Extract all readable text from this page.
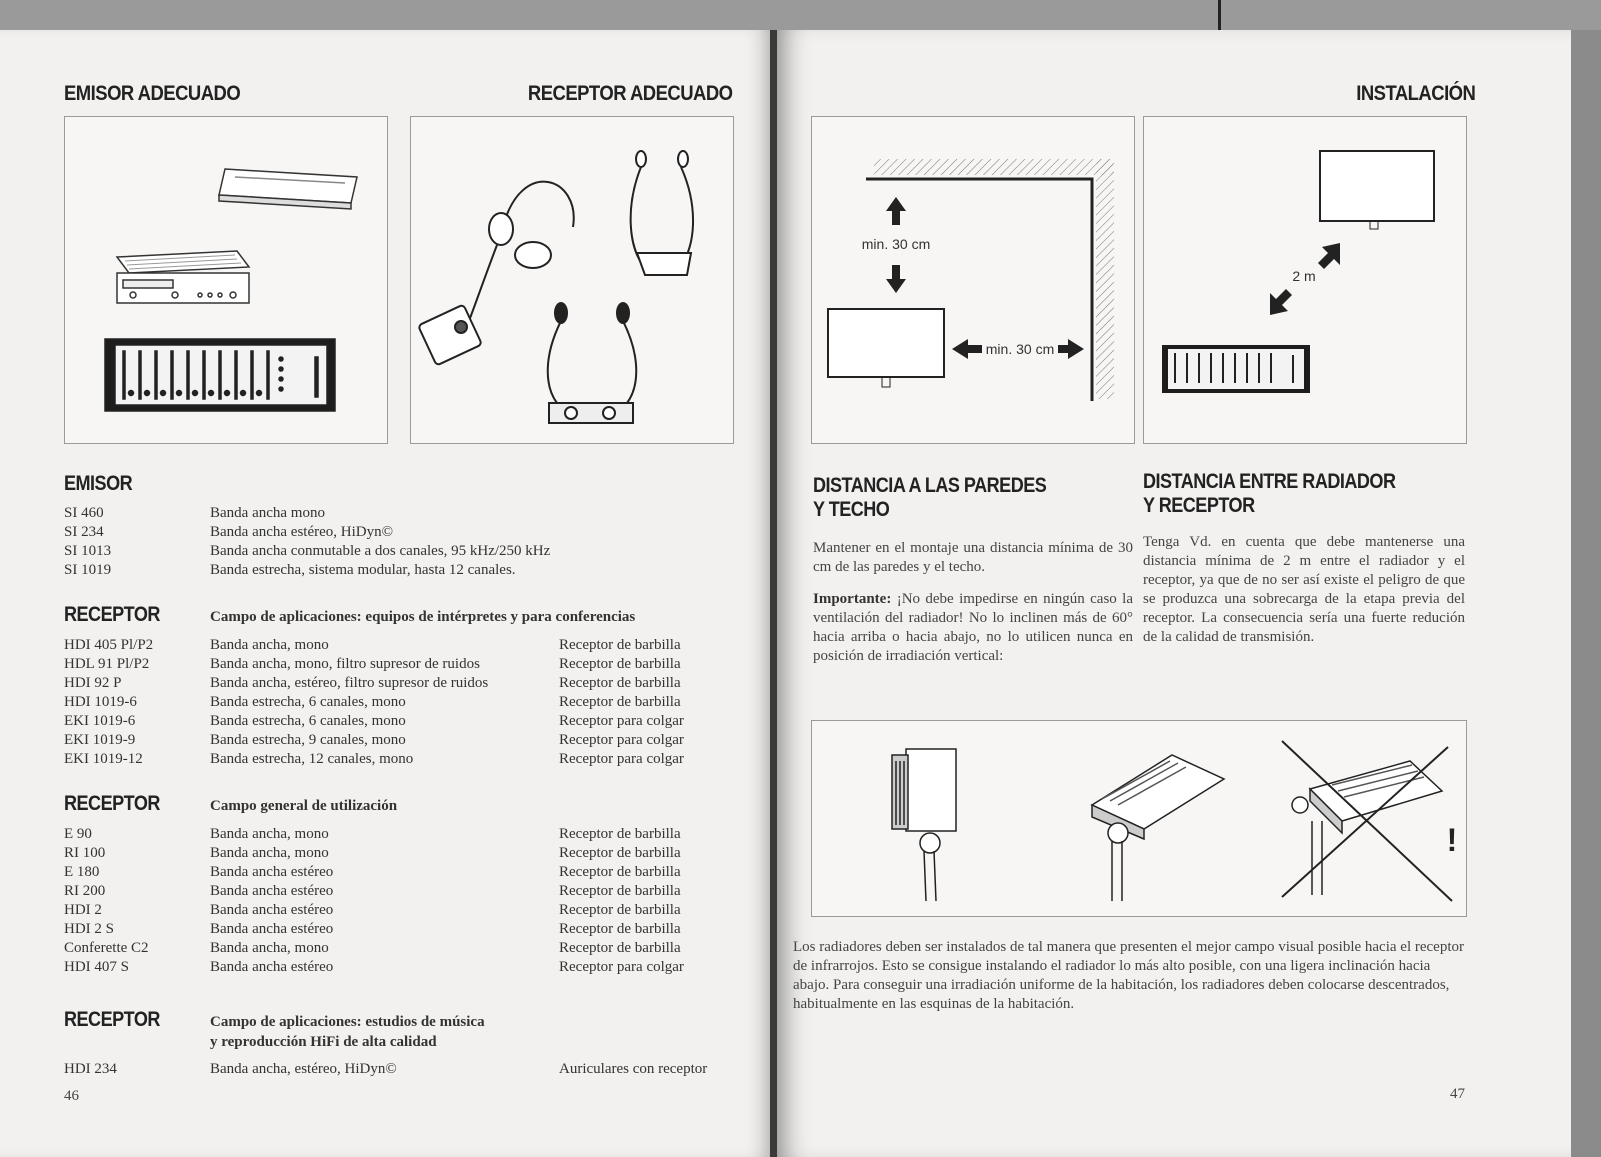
EMISOR ADECUADO	RECEPTOR ADECUADO
EMISOR
SI 460	Banda ancha mono
SI 234	Banda ancha estéreo, HiDyn©
SI 1013	Banda ancha conmutable a dos canales, 95 kHz/250 kHz
SI 1019	Banda estrecha, sistema modular, hasta 12 canales.
RECEPTOR	Campo de aplicaciones: equipos de intérpretes y para conferencias
HDI 405 Pl/P2	Banda ancha, mono	Receptor de barbilla
HDL 91 Pl/P2	Banda ancha, mono, filtro supresor de ruidos	Receptor de barbilla
HDI 92 P	Banda ancha, estéreo, filtro supresor de ruidos	Receptor de barbilla
HDI 1019-6	Banda estrecha, 6 canales, mono	Receptor de barbilla
EKI 1019-6	Banda estrecha, 6 canales, mono	Receptor para colgar
EKI 1019-9	Banda estrecha, 9 canales, mono	Receptor para colgar
EKI 1019-12	Banda estrecha, 12 canales, mono	Receptor para colgar
RECEPTOR	Campo general de utilización
E 90	Banda ancha, mono	Receptor de barbilla
RI 100	Banda ancha, mono	Receptor de barbilla
E 180	Banda ancha estéreo	Receptor de barbilla
RI 200	Banda ancha estéreo	Receptor de barbilla
HDI 2	Banda ancha estéreo	Receptor de barbilla
HDI 2 S	Banda ancha estéreo	Receptor de barbilla
Conferette C2	Banda ancha, mono	Receptor de barbilla
HDI 407 S	Banda ancha estéreo	Receptor para colgar
RECEPTOR	Campo de aplicaciones: estudios de música
y reproducción HiFi de alta calidad
HDI 234	Banda ancha, estéreo, HiDyn©	Auriculares con receptor
46
INSTALACIÓN
min. 30 cm
min. 30 cm
2 m
DISTANCIA A LAS PAREDES
Y TECHO
Mantener en el montaje una distancia mínima de 30 cm de las paredes y el techo.
Importante: ¡No debe impedirse en ningún caso la ventilación del radiador! No lo inclinen más de 60° hacia arriba o hacia abajo, no lo utilicen nunca en posición de irradiación vertical:
DISTANCIA ENTRE RADIADOR
Y RECEPTOR
Tenga Vd. en cuenta que debe mantenerse una distancia mínima de 2 m entre el radiador y el receptor, ya que de no ser así existe el peligro de que se produzca una sobrecarga de la etapa previa del receptor. La consecuencia sería una fuerte redución de la calidad de transmisión.
!
Los radiadores deben ser instalados de tal manera que presenten el mejor campo visual posible hacia el receptor de infrarrojos. Esto se consigue instalando el radiador lo más alto posible, con una ligera inclinación hacia abajo. Para conseguir una irradiación uniforme de la habitación, los radiadores deben colocarse descentrados, habitualmente en las esquinas de la habitación.
47
